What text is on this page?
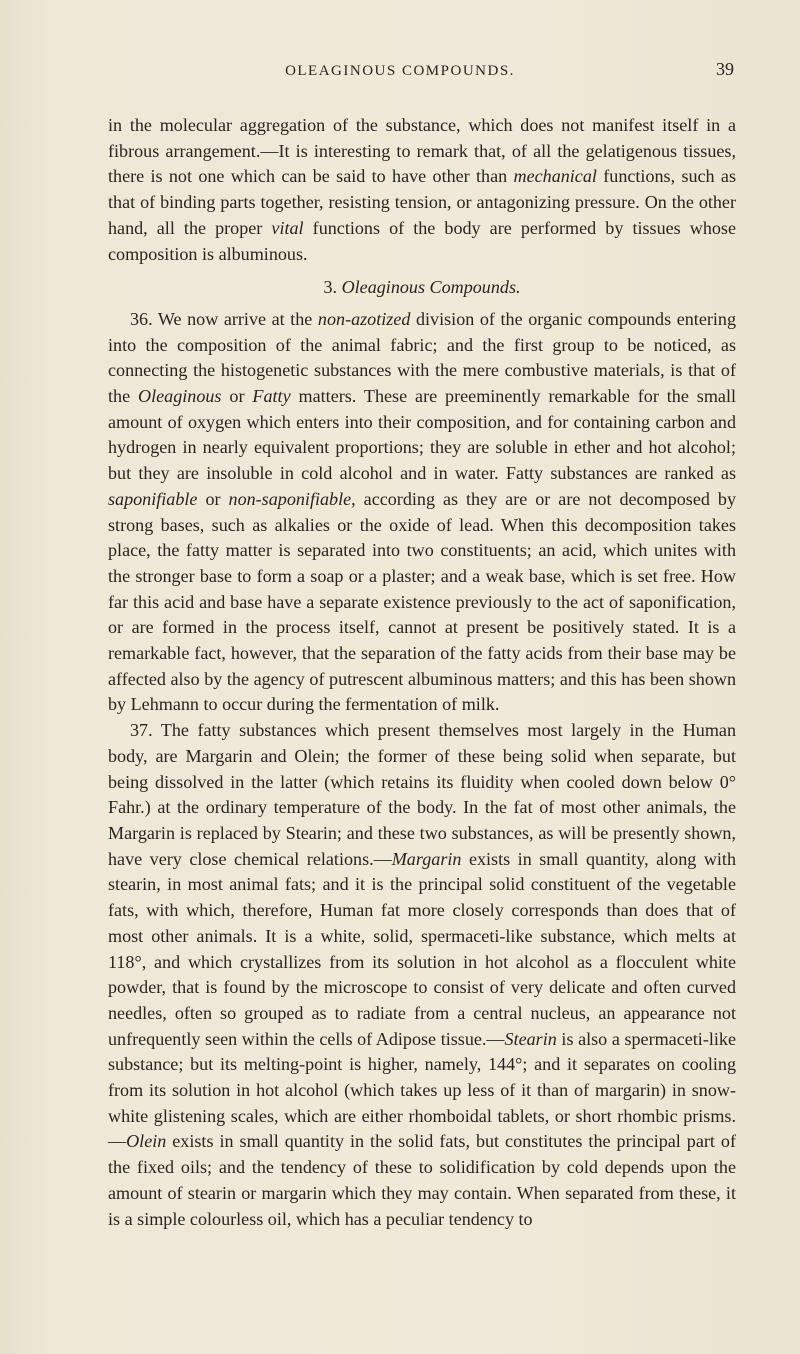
OLEAGINOUS COMPOUNDS.	39

in the molecular aggregation of the substance, which does not manifest itself in a fibrous arrangement.—It is interesting to remark that, of all the gelatigenous tissues, there is not one which can be said to have other than mechanical functions, such as that of binding parts together, resisting tension, or antagonizing pressure. On the other hand, all the proper vital functions of the body are performed by tissues whose composition is albuminous.

3. Oleaginous Compounds.

36. We now arrive at the non-azotized division of the organic compounds entering into the composition of the animal fabric; and the first group to be noticed, as connecting the histogenetic substances with the mere combustive materials, is that of the Oleaginous or Fatty matters. These are preeminently remarkable for the small amount of oxygen which enters into their composition, and for containing carbon and hydrogen in nearly equivalent proportions; they are soluble in ether and hot alcohol; but they are insoluble in cold alcohol and in water. Fatty substances are ranked as saponifiable or non-saponifiable, according as they are or are not decomposed by strong bases, such as alkalies or the oxide of lead. When this decomposition takes place, the fatty matter is separated into two constituents; an acid, which unites with the stronger base to form a soap or a plaster; and a weak base, which is set free. How far this acid and base have a separate existence previously to the act of saponification, or are formed in the process itself, cannot at present be positively stated. It is a remarkable fact, however, that the separation of the fatty acids from their base may be affected also by the agency of putrescent albuminous matters; and this has been shown by Lehmann to occur during the fermentation of milk.

37. The fatty substances which present themselves most largely in the Human body, are Margarin and Olein; the former of these being solid when separate, but being dissolved in the latter (which retains its fluidity when cooled down below 0° Fahr.) at the ordinary temperature of the body. In the fat of most other animals, the Margarin is replaced by Stearin; and these two substances, as will be presently shown, have very close chemical relations.—Margarin exists in small quantity, along with stearin, in most animal fats; and it is the principal solid constituent of the vegetable fats, with which, therefore, Human fat more closely corresponds than does that of most other animals. It is a white, solid, spermaceti-like substance, which melts at 118°, and which crystallizes from its solution in hot alcohol as a flocculent white powder, that is found by the microscope to consist of very delicate and often curved needles, often so grouped as to radiate from a central nucleus, an appearance not unfrequently seen within the cells of Adipose tissue.—Stearin is also a spermaceti-like substance; but its melting-point is higher, namely, 144°; and it separates on cooling from its solution in hot alcohol (which takes up less of it than of margarin) in snow-white glistening scales, which are either rhomboidal tablets, or short rhombic prisms.—Olein exists in small quantity in the solid fats, but constitutes the principal part of the fixed oils; and the tendency of these to solidification by cold depends upon the amount of stearin or margarin which they may contain. When separated from these, it is a simple colourless oil, which has a peculiar tendency to
